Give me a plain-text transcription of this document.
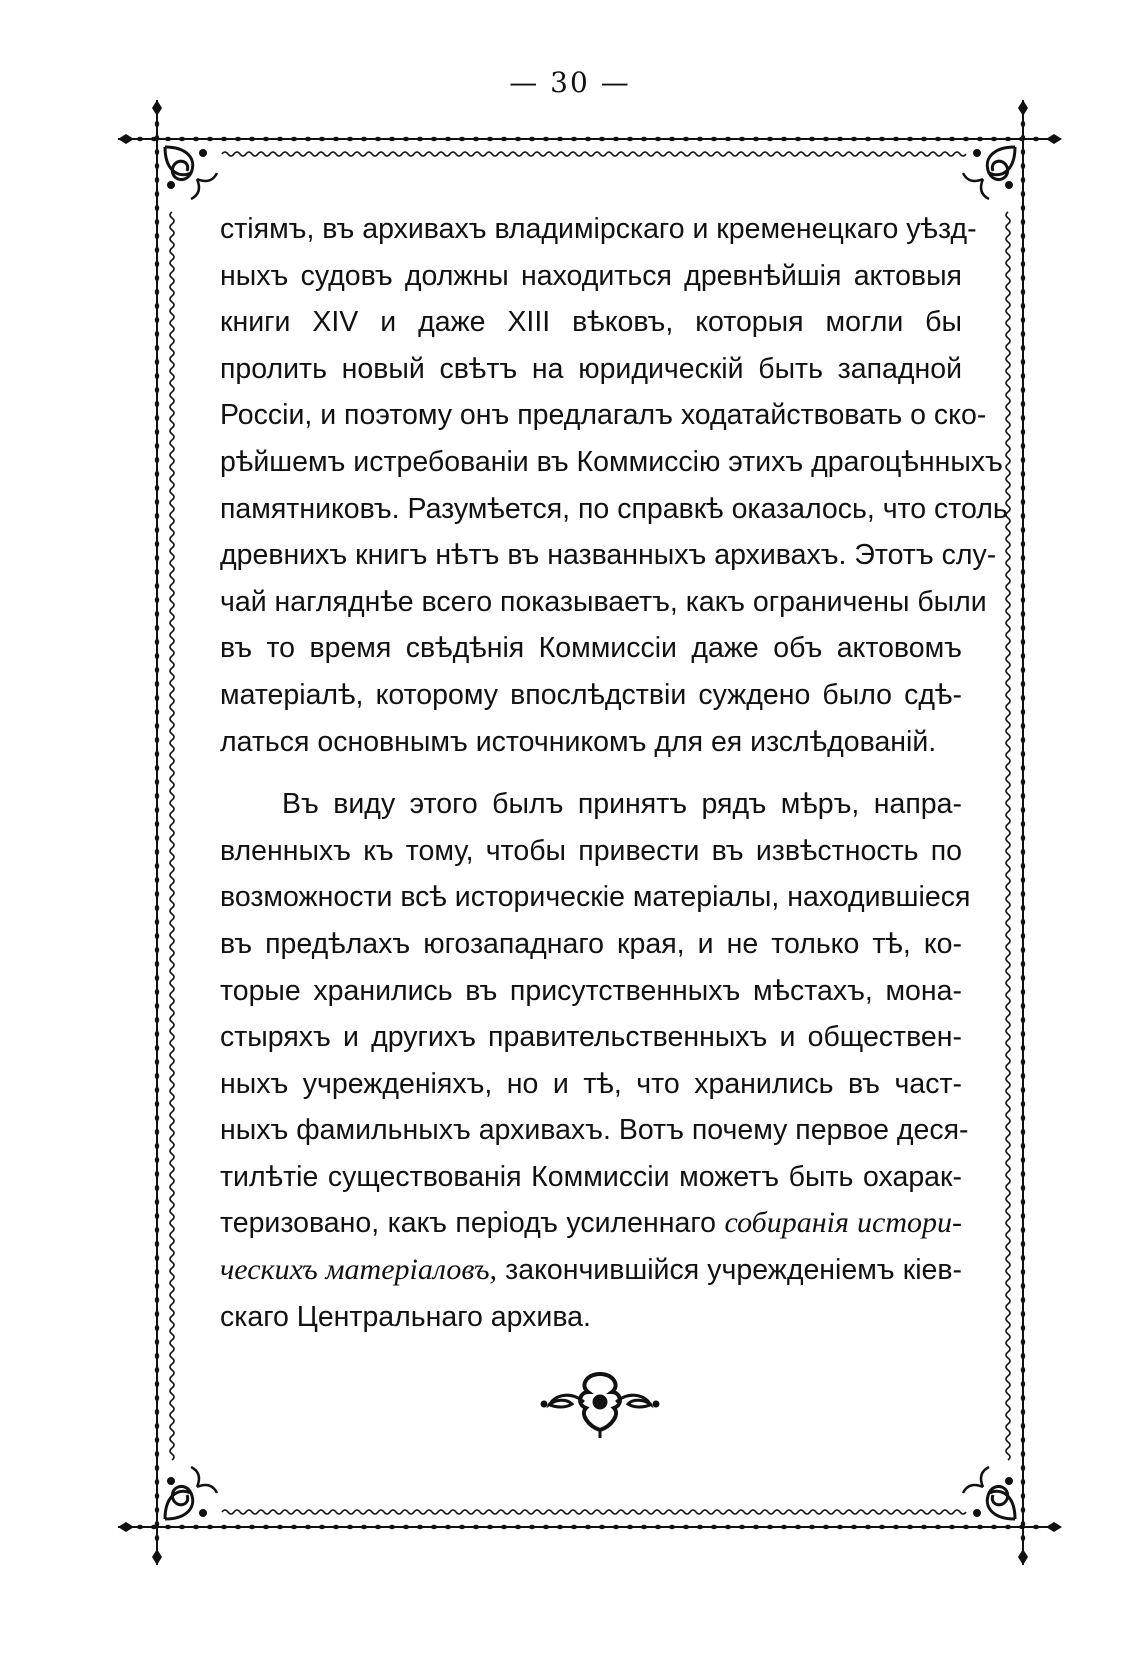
— 30 —
стіямъ, въ архивахъ владимірскаго и кременецкаго уѣзд-
ныхъ судовъ должны находиться древнѣйшія актовыя
книги XIV и даже XIII вѣковъ, которыя могли бы
пролить новый свѣтъ на юридическій быть западной
Россіи, и поэтому онъ предлагалъ ходатайствовать о ско-
рѣйшемъ истребованіи въ Коммиссію этихъ драгоцѣнныхъ
памятниковъ. Разумѣется, по справкѣ оказалось, что столь
древнихъ книгъ нѣтъ въ названныхъ архивахъ. Этотъ слу-
чай нагляднѣе всего показываетъ, какъ ограничены были
въ то время свѣдѣнія Коммиссіи даже объ актовомъ
матеріалѣ, которому впослѣдствіи суждено было сдѣ-
латься основнымъ источникомъ для ея изслѣдованій.
Въ виду этого былъ принятъ рядъ мѣръ, напра-
вленныхъ къ тому, чтобы привести въ извѣстность по
возможности всѣ историческіе матеріалы, находившіеся
въ предѣлахъ югозападнаго края, и не только тѣ, ко-
торые хранились въ присутственныхъ мѣстахъ, мона-
стыряхъ и другихъ правительственныхъ и обществен-
ныхъ учрежденіяхъ, но и тѣ, что хранились въ част-
ныхъ фамильныхъ архивахъ. Вотъ почему первое деся-
тилѣтіе существованія Коммиссіи можетъ быть охарак-
теризовано, какъ періодъ усиленнаго собиранія истори-
ческихъ матеріаловъ, закончившійся учрежденіемъ кіев-
скаго Центральнаго архива.
